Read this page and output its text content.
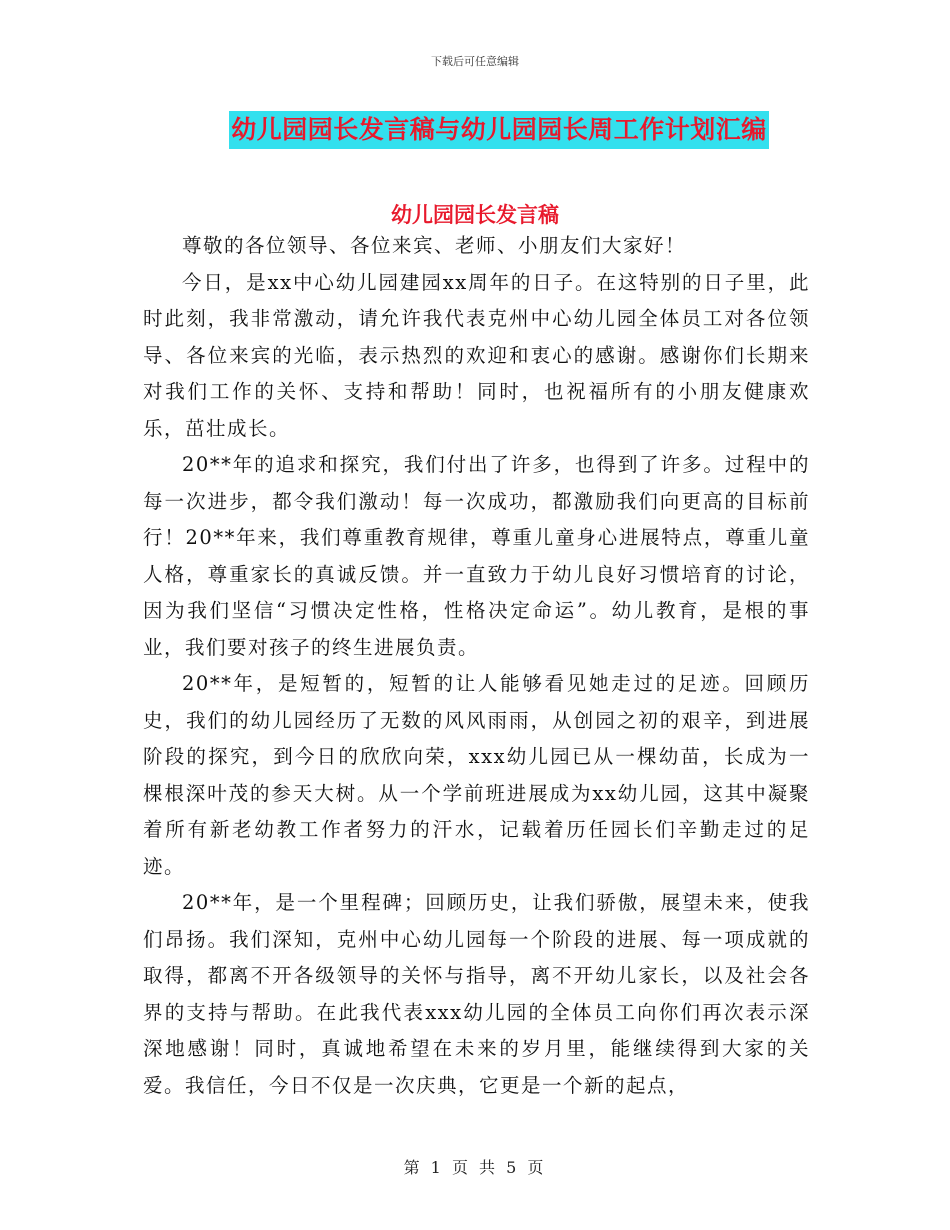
下载后可任意编辑
幼儿园园长发言稿与幼儿园园长周工作计划汇编
幼儿园园长发言稿

尊敬的各位领导、各位来宾、老师、小朋友们大家好！

今日，是xx中心幼儿园建园xx周年的日子。在这特别的日子里，此时此刻，我非常激动，请允许我代表克州中心幼儿园全体员工对各位领导、各位来宾的光临，表示热烈的欢迎和衷心的感谢。感谢你们长期来对我们工作的关怀、支持和帮助！同时，也祝福所有的小朋友健康欢乐，茁壮成长。

20**年的追求和探究，我们付出了许多，也得到了许多。过程中的每一次进步，都令我们激动！每一次成功，都激励我们向更高的目标前行！20**年来，我们尊重教育规律，尊重儿童身心进展特点，尊重儿童人格，尊重家长的真诚反馈。并一直致力于幼儿良好习惯培育的讨论，因为我们坚信“习惯决定性格，性格决定命运”。幼儿教育，是根的事业，我们要对孩子的终生进展负责。

20**年，是短暂的，短暂的让人能够看见她走过的足迹。回顾历史，我们的幼儿园经历了无数的风风雨雨，从创园之初的艰辛，到进展阶段的探究，到今日的欣欣向荣，xxx幼儿园已从一棵幼苗，长成为一棵根深叶茂的参天大树。从一个学前班进展成为xx幼儿园，这其中凝聚着所有新老幼教工作者努力的汗水，记载着历任园长们辛勤走过的足迹。

20**年，是一个里程碑；回顾历史，让我们骄傲，展望未来，使我们昂扬。我们深知，克州中心幼儿园每一个阶段的进展、每一项成就的取得，都离不开各级领导的关怀与指导，离不开幼儿家长，以及社会各界的支持与帮助。在此我代表xxx幼儿园的全体员工向你们再次表示深深地感谢！同时，真诚地希望在未来的岁月里，能继续得到大家的关爱。我信任，今日不仅是一次庆典，它更是一个新的起点，

第 1 页 共 5 页
